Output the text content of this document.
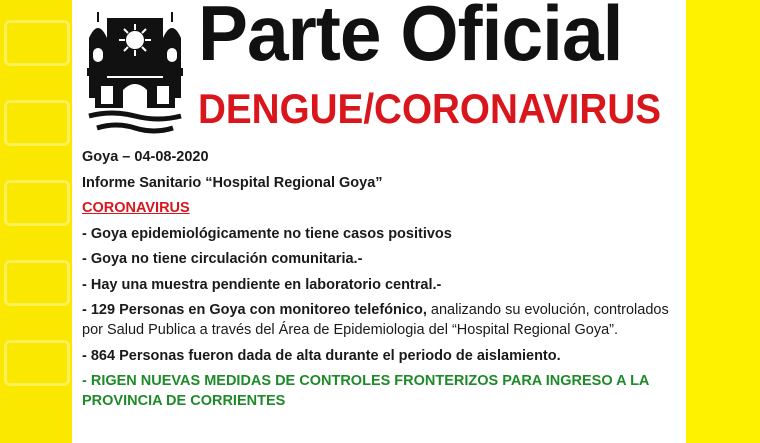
Parte Oficial
DENGUE/CORONAVIRUS

Goya – 04-08-2020

Informe Sanitario “Hospital Regional Goya”

CORONAVIRUS

- Goya epidemiológicamente no tiene casos positivos

- Goya no tiene circulación comunitaria.-

- Hay una muestra pendiente en laboratorio central.-

- 129 Personas en Goya con monitoreo telefónico, analizando su evolución, controlados por Salud Publica a través del Área de Epidemiologia del “Hospital Regional Goya”.

- 864 Personas fueron dada de alta durante el periodo de aislamiento.

- RIGEN NUEVAS MEDIDAS DE CONTROLES FRONTERIZOS PARA INGRESO A LA PROVINCIA DE CORRIENTES
